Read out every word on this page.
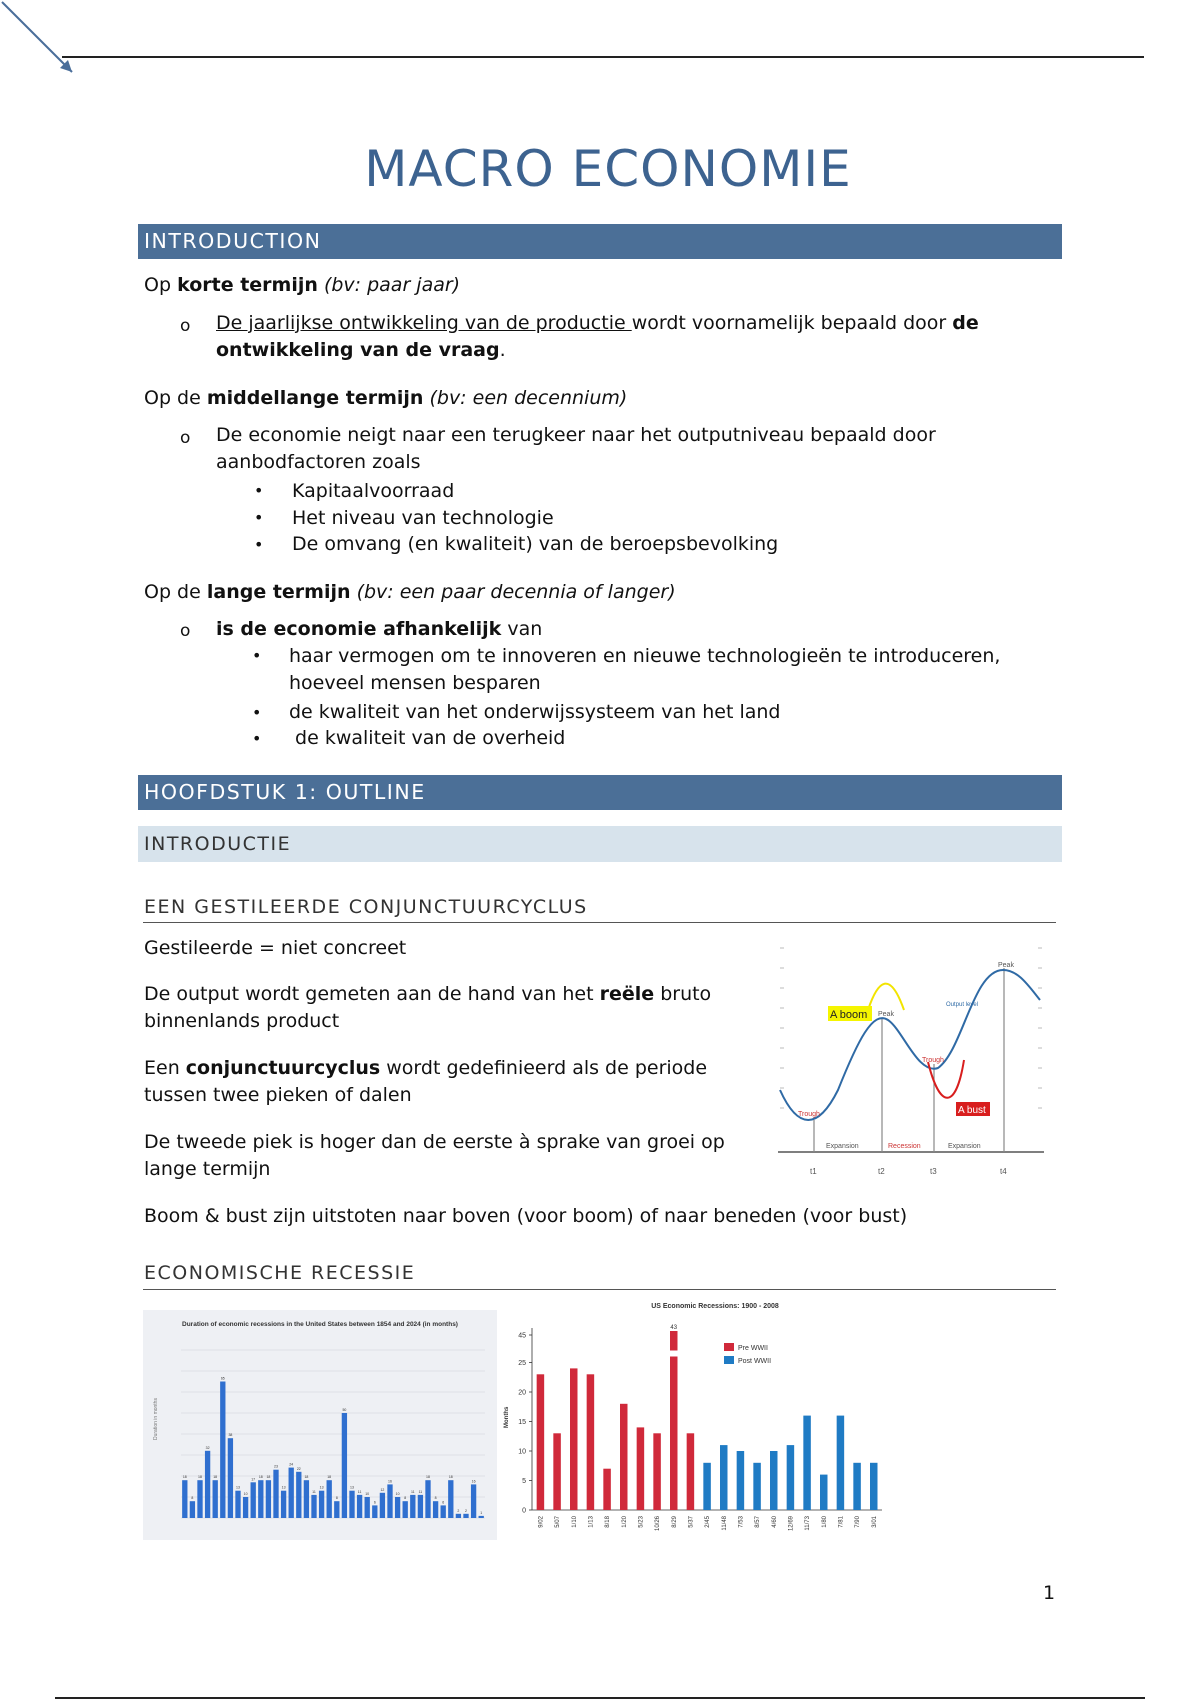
MACRO ECONOMIE
INTRODUCTION
Op korte termijn (bv: paar jaar)
o De jaarlijkse ontwikkeling van de productie wordt voornamelijk bepaald door de ontwikkeling van de vraag.
Op de middellange termijn (bv: een decennium)
o De economie neigt naar een terugkeer naar het outputniveau bepaald door aanbodfactoren zoals
• Kapitaalvoorraad
• Het niveau van technologie
• De omvang (en kwaliteit) van de beroepsbevolking
Op de lange termijn (bv: een paar decennia of langer)
o is de economie afhankelijk van
• haar vermogen om te innoveren en nieuwe technologieën te introduceren, hoeveel mensen besparen
• de kwaliteit van het onderwijssysteem van het land
• de kwaliteit van de overheid
HOOFDSTUK 1: OUTLINE
INTRODUCTIE
EEN GESTILEERDE CONJUNCTUURCYCLUS
Gestileerde = niet concreet
De output wordt gemeten aan de hand van het reële bruto binnenlands product
Een conjunctuurcyclus wordt gedefinieerd als de periode tussen twee pieken of dalen
De tweede piek is hoger dan de eerste à sprake van groei op lange termijn
Boom & bust zijn uitstoten naar boven (voor boom) of naar beneden (voor bust)
A boom
A bust
Peak
Peak
Trough
Trough
Output level
Expansion	Recession	Expansion
t1	t2	t3	t4
ECONOMISCHE RECESSIE
Duration of economic recessions in the United States between 1854 and 2024 (in months)
Duration in months
18
8
18
32
18
65
38
13
10
17
18 18
23
13
24
22
18
11
13
18
8
50
13
11
10
6
12
16
10
8
11 11
18
8
6
18
2 2
16
1
US Economic Recessions: 1900 - 2008
Months
45
25
20
15
10
5
0
43
9/02 5/07 1/10 1/13 8/18 1/20 5/23 10/26 8/29 5/37 2/45 11/48 7/53 8/57 4/60 12/69 11/73 1/80 7/81 7/90 3/01
Pre WWII
Post WWII
1
